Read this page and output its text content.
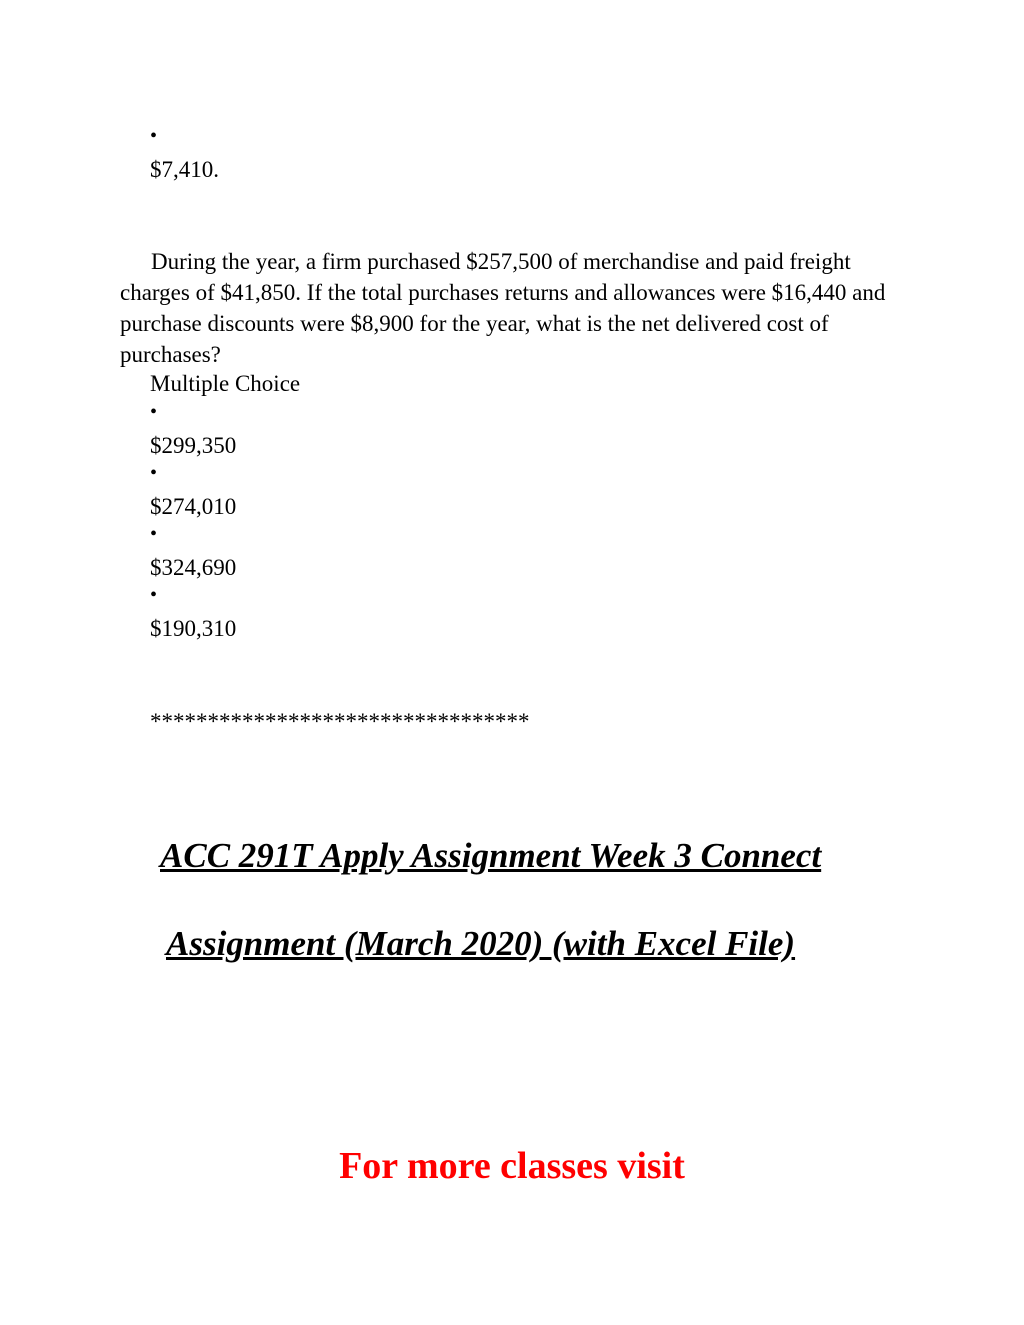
•
$7,410.
During the year, a firm purchased $257,500 of merchandise and paid freight charges of $41,850. If the total purchases returns and allowances were $16,440 and purchase discounts were $8,900 for the year, what is the net delivered cost of purchases?
Multiple Choice
•
$299,350
•
$274,010
•
$324,690
•
$190,310
*********************************
ACC 291T Apply Assignment Week 3 Connect
Assignment (March 2020) (with Excel File)
For more classes visit
